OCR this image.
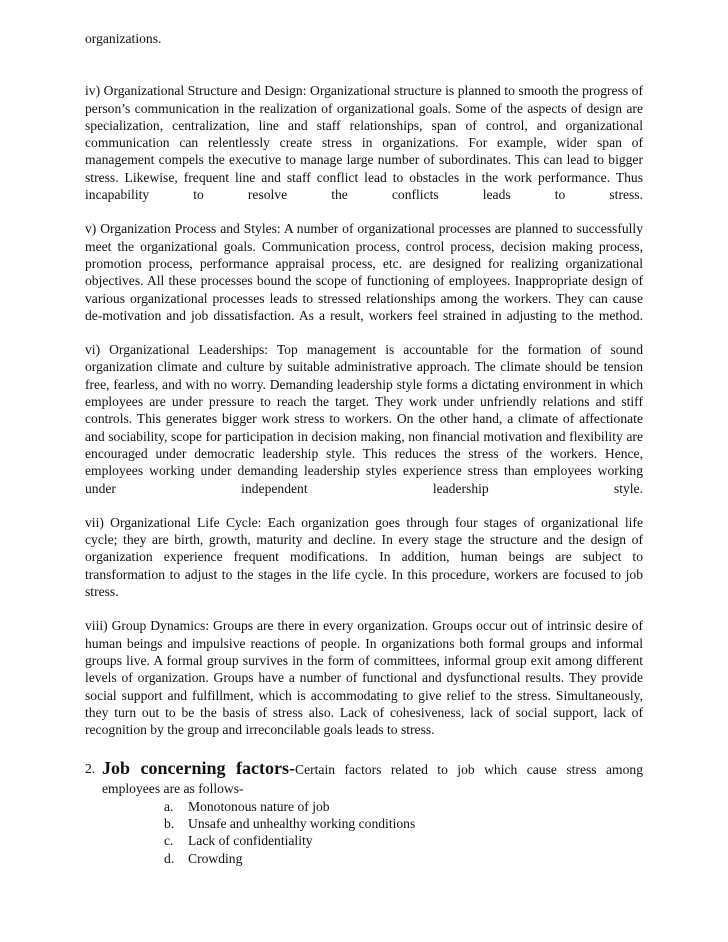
organizations.

iv) Organizational Structure and Design: Organizational structure is planned to smooth the progress of person’s communication in the realization of organizational goals. Some of the aspects of design are specialization, centralization, line and staff relationships, span of control, and organizational communication can relentlessly create stress in organizations. For example, wider span of management compels the executive to manage large number of subordinates. This can lead to bigger stress. Likewise, frequent line and staff conflict lead to obstacles in the work performance. Thus incapability to resolve the conflicts leads to stress.

v) Organization Process and Styles: A number of organizational processes are planned to successfully meet the organizational goals. Communication process, control process, decision making process, promotion process, performance appraisal process, etc. are designed for realizing organizational objectives. All these processes bound the scope of functioning of employees. Inappropriate design of various organizational processes leads to stressed relationships among the workers. They can cause de-motivation and job dissatisfaction. As a result, workers feel strained in adjusting to the method.

vi) Organizational Leaderships: Top management is accountable for the formation of sound organization climate and culture by suitable administrative approach. The climate should be tension free, fearless, and with no worry. Demanding leadership style forms a dictating environment in which employees are under pressure to reach the target. They work under unfriendly relations and stiff controls. This generates bigger work stress to workers. On the other hand, a climate of affectionate and sociability, scope for participation in decision making, non financial motivation and flexibility are encouraged under democratic leadership style. This reduces the stress of the workers. Hence, employees working under demanding leadership styles experience stress than employees working under independent leadership style.

vii) Organizational Life Cycle: Each organization goes through four stages of organizational life cycle; they are birth, growth, maturity and decline. In every stage the structure and the design of organization experience frequent modifications. In addition, human beings are subject to transformation to adjust to the stages in the life cycle. In this procedure, workers are focused to job stress.

viii) Group Dynamics: Groups are there in every organization. Groups occur out of intrinsic desire of human beings and impulsive reactions of people. In organizations both formal groups and informal groups live. A formal group survives in the form of committees, informal group exit among different levels of organization. Groups have a number of functional and dysfunctional results. They provide social support and fulfillment, which is accommodating to give relief to the stress. Simultaneously, they turn out to be the basis of stress also. Lack of cohesiveness, lack of social support, lack of recognition by the group and irreconcilable goals leads to stress.

2. Job concerning factors-Certain factors related to job which cause stress among
employees are as follows-
a. Monotonous nature of job
b. Unsafe and unhealthy working conditions
c. Lack of confidentiality
d. Crowding
